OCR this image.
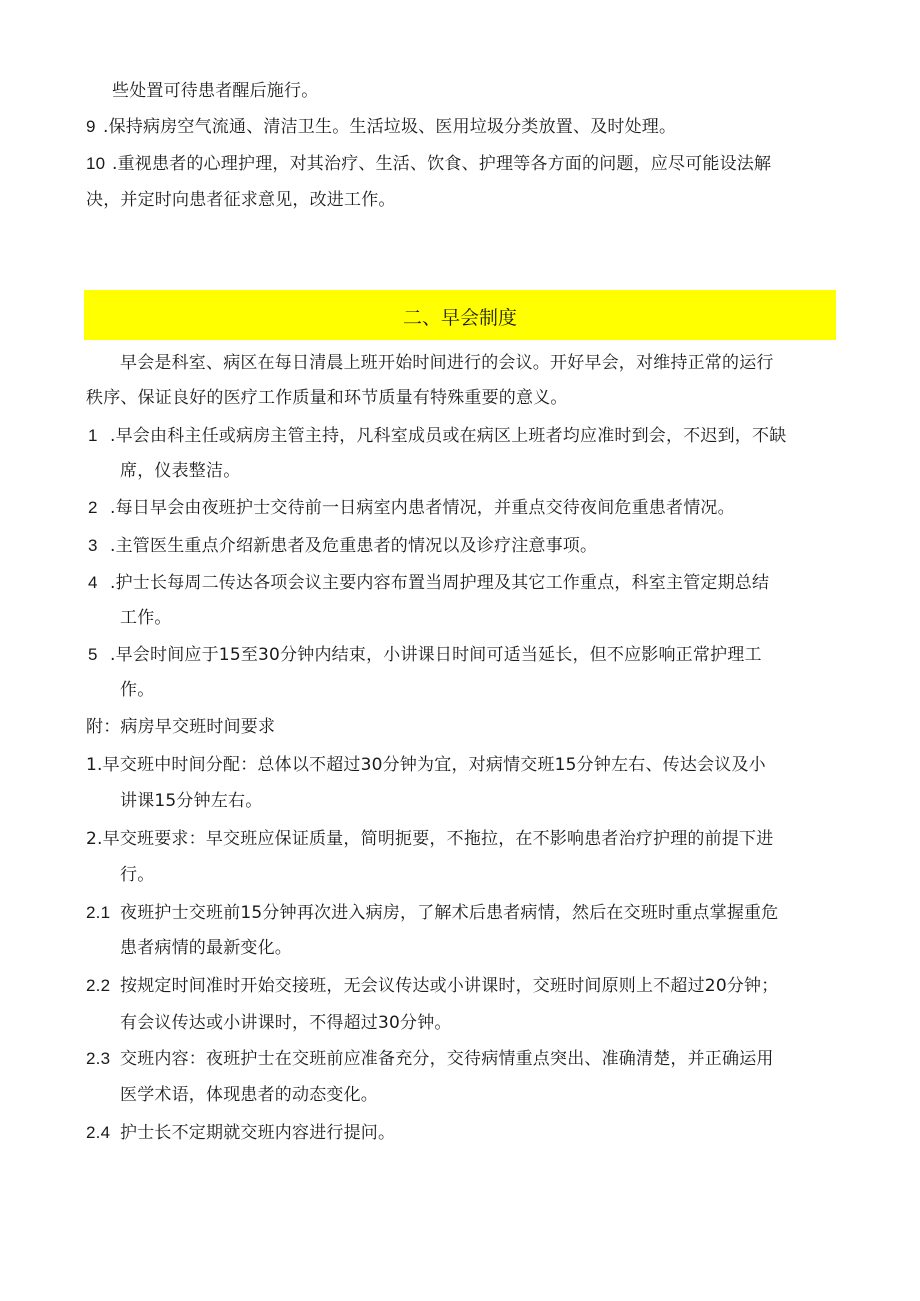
些处置可待患者醒后施行。
9 .保持病房空气流通、清洁卫生。生活垃圾、医用垃圾分类放置、及时处理。
10 .重视患者的心理护理，对其治疗、生活、饮食、护理等各方面的问题，应尽可能设法解
决，并定时向患者征求意见，改进工作。
二、早会制度
早会是科室、病区在每日清晨上班开始时间进行的会议。开好早会，对维持正常的运行
秩序、保证良好的医疗工作质量和环节质量有特殊重要的意义。
1 .早会由科主任或病房主管主持，凡科室成员或在病区上班者均应准时到会，不迟到，不缺
席，仪表整洁。
2 .每日早会由夜班护士交待前一日病室内患者情况，并重点交待夜间危重患者情况。
3 .主管医生重点介绍新患者及危重患者的情况以及诊疗注意事项。
4 .护士长每周二传达各项会议主要内容布置当周护理及其它工作重点，科室主管定期总结
工作。
5 .早会时间应于15至30分钟内结束，小讲课日时间可适当延长，但不应影响正常护理工
作。
附：病房早交班时间要求
1.早交班中时间分配：总体以不超过30分钟为宜，对病情交班15分钟左右、传达会议及小
讲课15分钟左右。
2.早交班要求：早交班应保证质量，简明扼要，不拖拉，在不影响患者治疗护理的前提下进
行。
2.1 夜班护士交班前15分钟再次进入病房，了解术后患者病情，然后在交班时重点掌握重危
患者病情的最新变化。
2.2 按规定时间准时开始交接班，无会议传达或小讲课时，交班时间原则上不超过20分钟；
有会议传达或小讲课时，不得超过30分钟。
2.3 交班内容：夜班护士在交班前应准备充分，交待病情重点突出、准确清楚，并正确运用
医学术语，体现患者的动态变化。
2.4 护士长不定期就交班内容进行提问。
